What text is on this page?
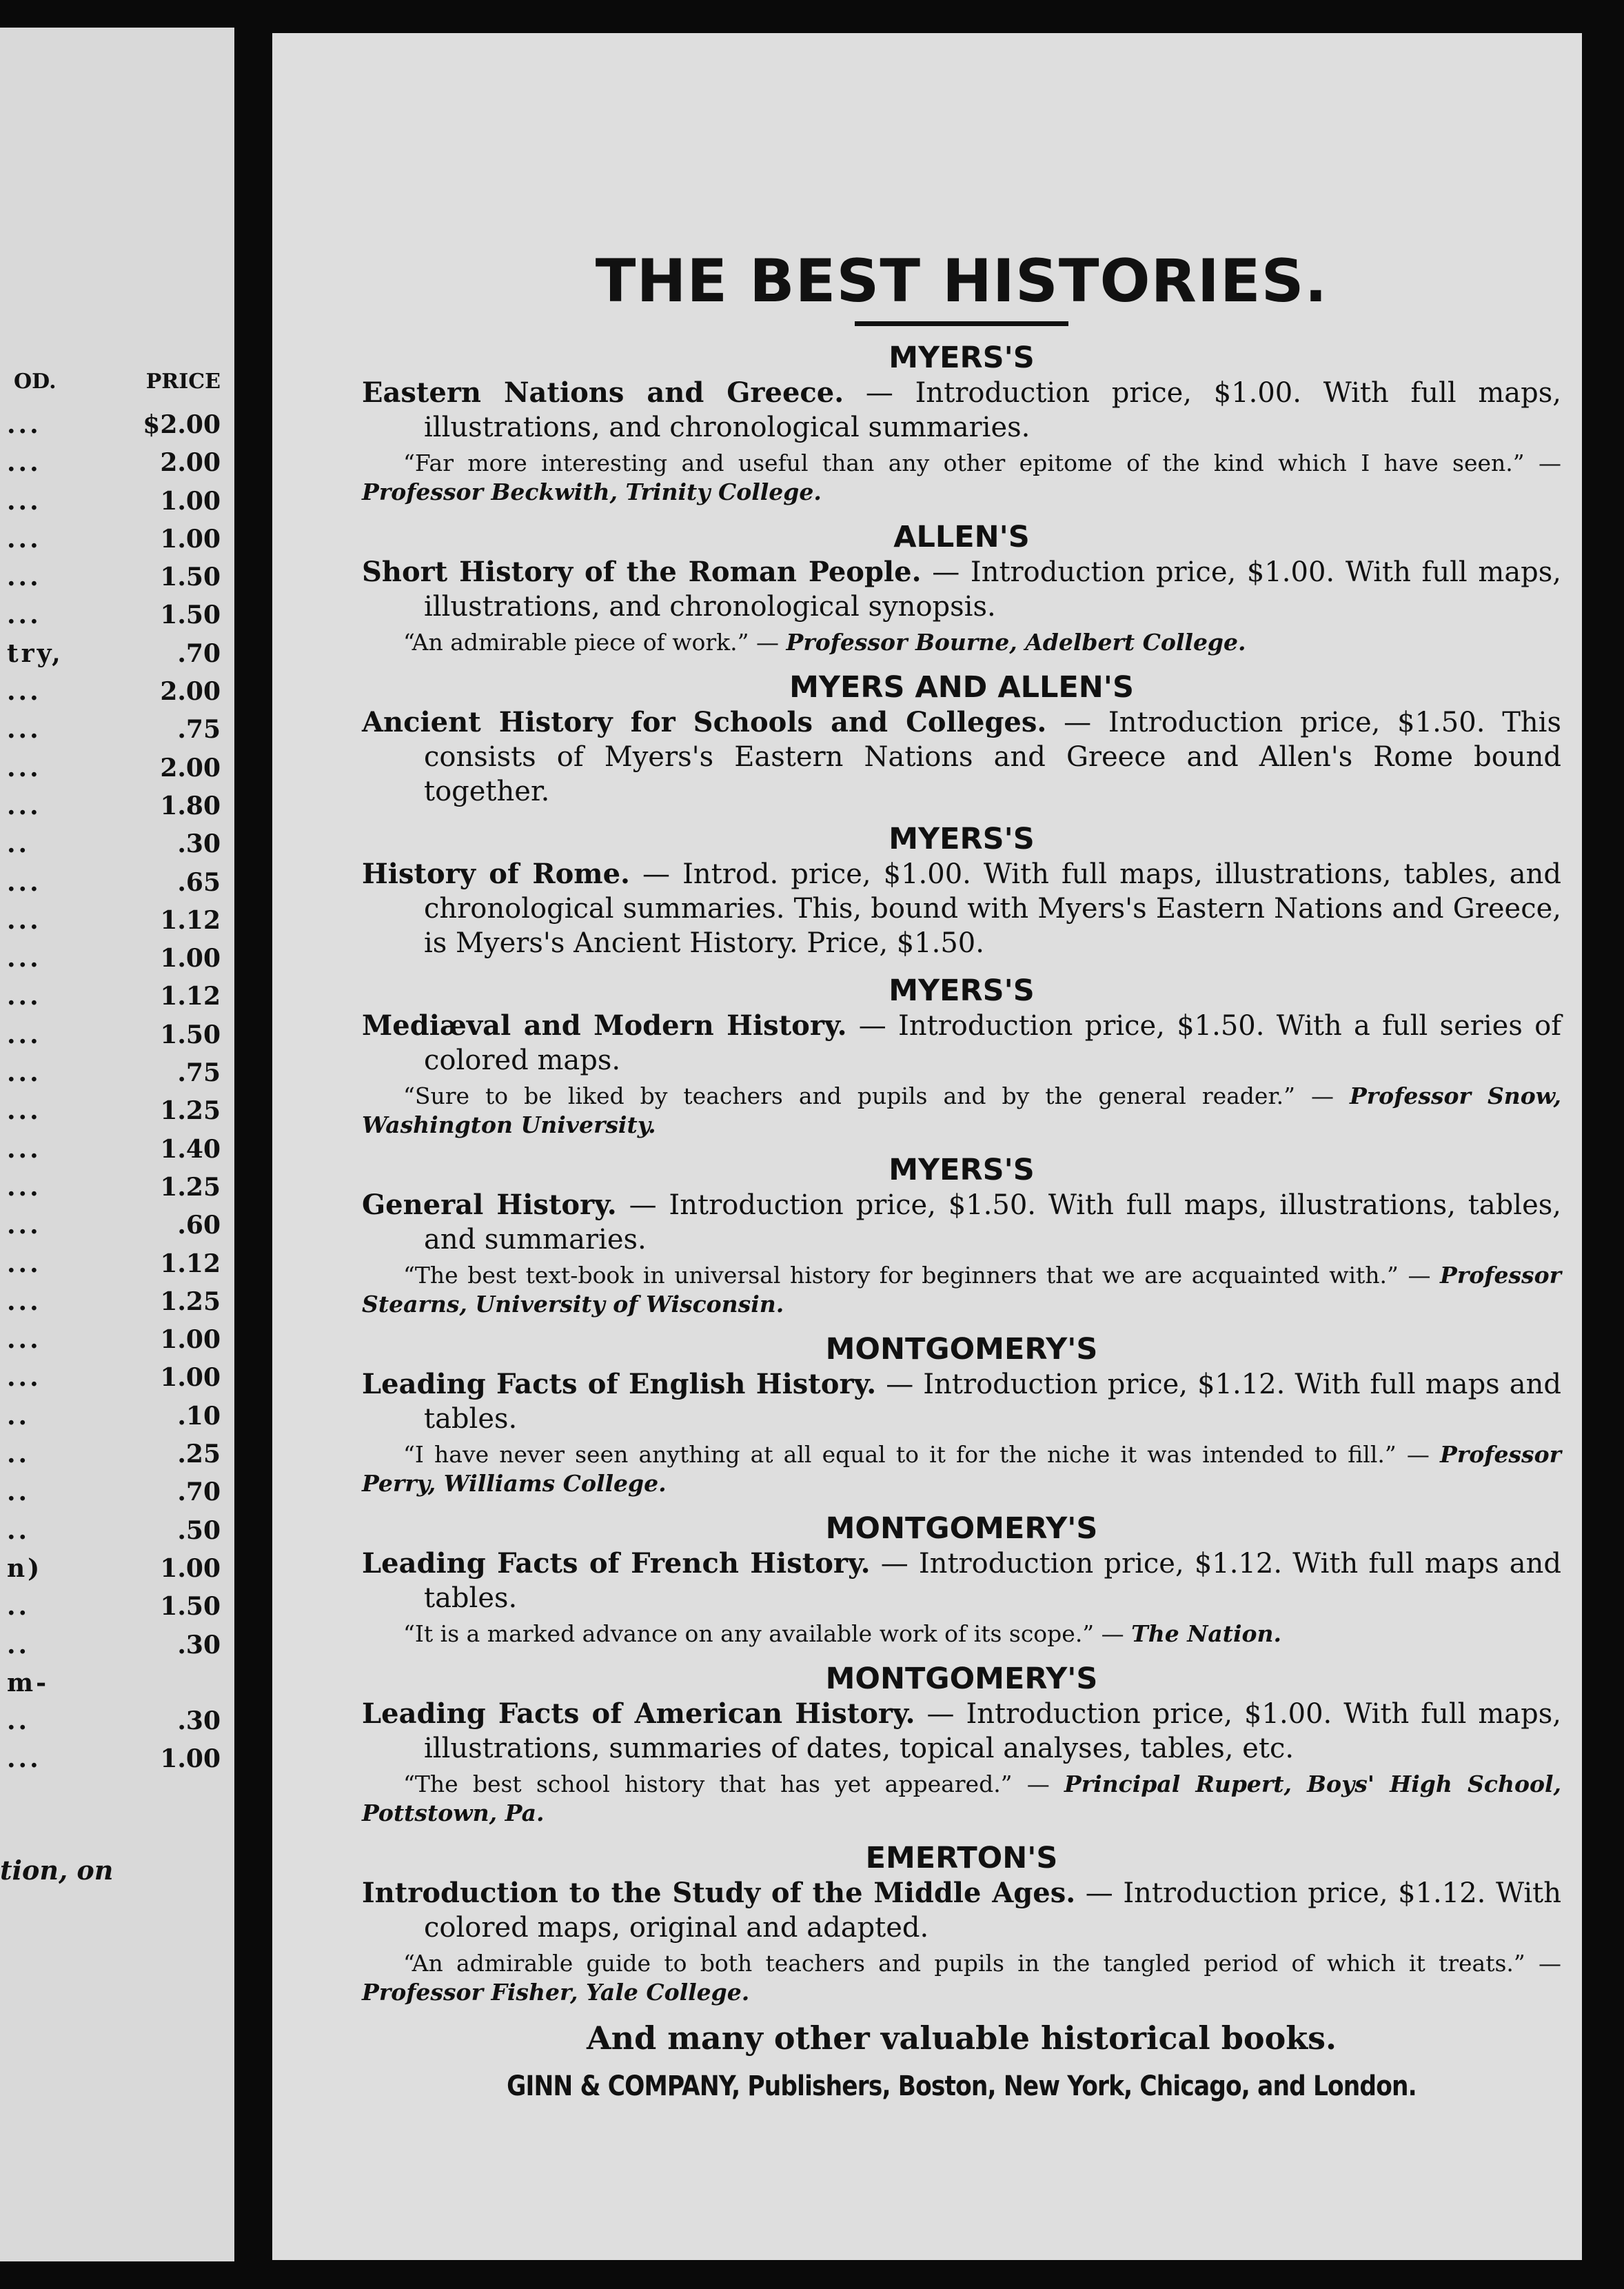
OD.	PRICE
...	$2.00
...	2.00
...	1.00
...	1.00
...	1.50
...	1.50
try,	.70
...	2.00
...	.75
...	2.00
...	1.80
..	.30
...	.65
...	1.12
...	1.00
...	1.12
...	1.50
...	.75
...	1.25
...	1.40
...	1.25
...	.60
...	1.12
...	1.25
...	1.00
...	1.00
..	.10
..	.25
..	.70
..	.50
n)	1.00
..	1.50
..	.30
m-
..	.30
...	1.00
tion, on
THE BEST HISTORIES.
MYERS'S
Eastern Nations and Greece. — Introduction price, $1.00. With full maps, illustrations, and chronological summaries.
“Far more interesting and useful than any other epitome of the kind which I have seen.” — Professor Beckwith, Trinity College.
ALLEN'S
Short History of the Roman People. — Introduction price, $1.00. With full maps, illustrations, and chronological synopsis.
“An admirable piece of work.” — Professor Bourne, Adelbert College.
MYERS AND ALLEN'S
Ancient History for Schools and Colleges. — Introduction price, $1.50. This consists of Myers's Eastern Nations and Greece and Allen's Rome bound together.
MYERS'S
History of Rome. — Introd. price, $1.00. With full maps, illustrations, tables, and chronological summaries. This, bound with Myers's Eastern Nations and Greece, is Myers's Ancient History. Price, $1.50.
MYERS'S
Mediæval and Modern History. — Introduction price, $1.50. With a full series of colored maps.
“Sure to be liked by teachers and pupils and by the general reader.” — Professor Snow, Washington University.
MYERS'S
General History. — Introduction price, $1.50. With full maps, illustrations, tables, and summaries.
“The best text-book in universal history for beginners that we are acquainted with.” — Professor Stearns, University of Wisconsin.
MONTGOMERY'S
Leading Facts of English History. — Introduction price, $1.12. With full maps and tables.
“I have never seen anything at all equal to it for the niche it was intended to fill.” — Professor Perry, Williams College.
MONTGOMERY'S
Leading Facts of French History. — Introduction price, $1.12. With full maps and tables.
“It is a marked advance on any available work of its scope.” — The Nation.
MONTGOMERY'S
Leading Facts of American History. — Introduction price, $1.00. With full maps, illustrations, summaries of dates, topical analyses, tables, etc.
“The best school history that has yet appeared.” — Principal Rupert, Boys' High School, Pottstown, Pa.
EMERTON'S
Introduction to the Study of the Middle Ages. — Introduction price, $1.12. With colored maps, original and adapted.
“An admirable guide to both teachers and pupils in the tangled period of which it treats.” — Professor Fisher, Yale College.
And many other valuable historical books.
GINN & COMPANY, Publishers, Boston, New York, Chicago, and London.
